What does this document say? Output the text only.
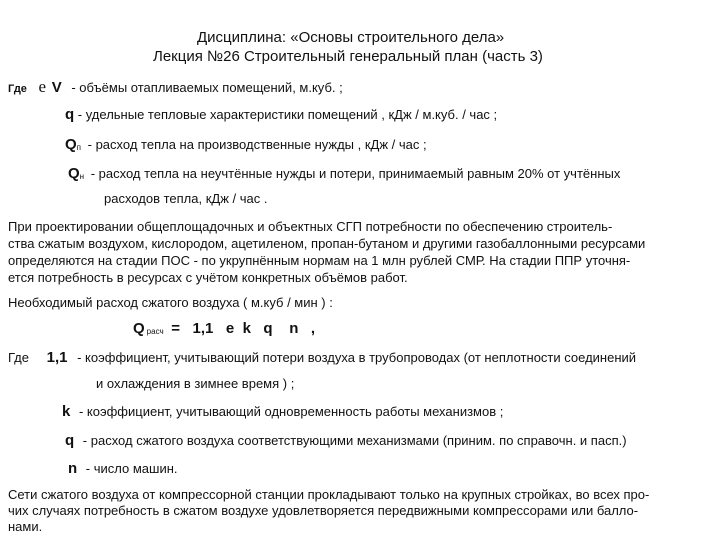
Дисциплина: «Основы строительного дела»
Лекция №26 Строительный генеральный план (часть 3)
Где е V - объёмы отапливаемых помещений, м.куб. ;
q - удельные тепловые характеристики помещений , кДж / м.куб. / час ;
Qп - расход тепла на производственные нужды , кДж / час ;
Qн - расход тепла на неучтённые нужды и потери, принимаемый равным 20% от учтённых
расходов тепла, кДж / час .
При проектировании общеплощадочных и объектных СГП потребности по обеспечению строитель-
ства сжатым воздухом, кислородом, ацетиленом, пропан-бутаном и другими газобаллонными ресурсами
определяются на стадии ПОС - по укрупнённым нормам на 1 млн рублей СМР. На стадии ППР уточня-
ется потребность в ресурсах с учётом конкретных объёмов работ.
Необходимый расход сжатого воздуха ( м.куб / мин ) :
Qрасч =   1,1   е  k   q    n   ,
Где 1,1 - коэффициент, учитывающий потери воздуха в трубопроводах (от неплотности соединений
и охлаждения в зимнее время ) ;
k - коэффициент, учитывающий одновременность работы механизмов ;
q - расход сжатого воздуха соответствующими механизмами (приним. по справочн. и пасп.)
n - число машин.
Сети сжатого воздуха от компрессорной станции прокладывают только на крупных стройках, во всех про-
чих случаях потребность в сжатом воздухе удовлетворяется передвижными компрессорами или балло-
нами.
